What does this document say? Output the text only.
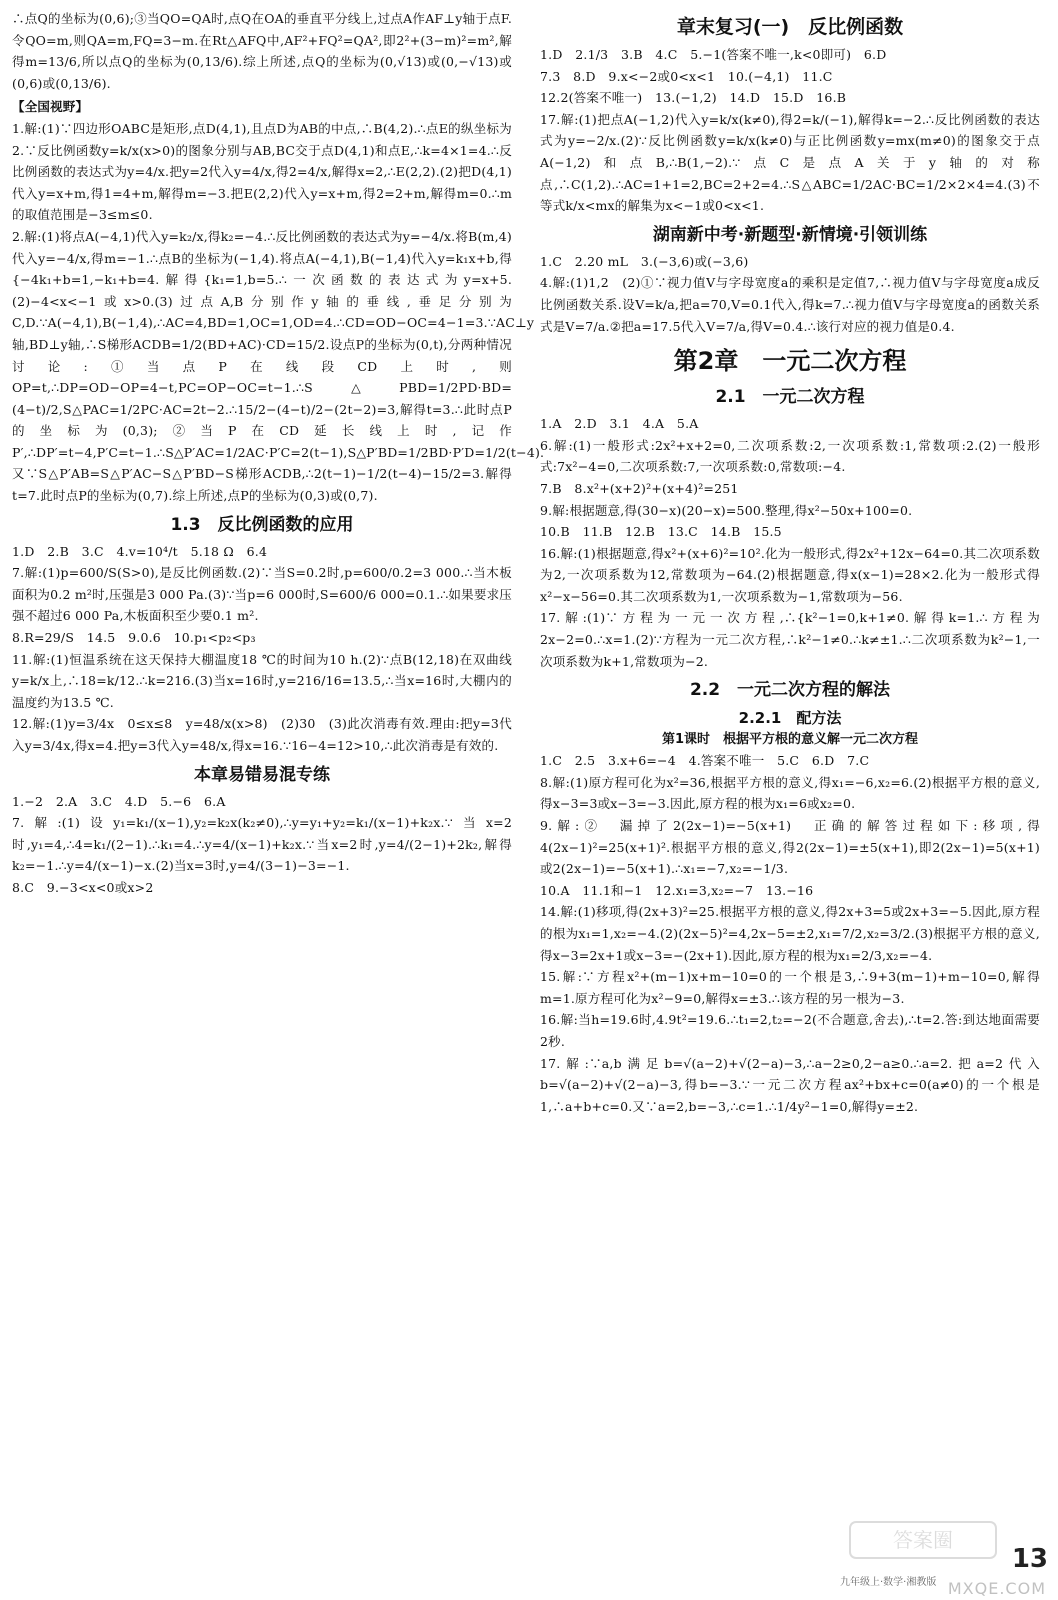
∴点Q的坐标为(0,6);③当QO=QA时,点Q在OA的垂直平分线上,过点A作AF⊥y轴于点F.令QO=m,则QA=m,FQ=3−m.在Rt△AFQ中,AF²+FQ²=QA²,即2²+(3−m)²=m²,解得m=13/6,所以点Q的坐标为(0,13/6).综上所述,点Q的坐标为(0,√13)或(0,−√13)或(0,6)或(0,13/6).
【全国视野】
1.解:(1)∵四边形OABC是矩形,点D(4,1),且点D为AB的中点,∴B(4,2).∴点E的纵坐标为2.∵反比例函数y=k/x(x>0)的图象分别与AB,BC交于点D(4,1)和点E,∴k=4×1=4.∴反比例函数的表达式为y=4/x.把y=2代入y=4/x,得2=4/x,解得x=2,∴E(2,2).(2)把D(4,1)代入y=x+m,得1=4+m,解得m=−3.把E(2,2)代入y=x+m,得2=2+m,解得m=0.∴m的取值范围是−3≤m≤0.
2.解:(1)将点A(−4,1)代入y=k₂/x,得k₂=−4.∴反比例函数的表达式为y=−4/x.将B(m,4)代入y=−4/x,得m=−1.∴点B的坐标为(−1,4).将点A(−4,1),B(−1,4)代入y=k₁x+b,得{−4k₁+b=1,−k₁+b=4.解得{k₁=1,b=5.∴一次函数的表达式为y=x+5.(2)−4<x<−1或x>0.(3)过点A,B分别作y轴的垂线,垂足分别为C,D.∵A(−4,1),B(−1,4),∴AC=4,BD=1,OC=1,OD=4.∴CD=OD−OC=4−1=3.∵AC⊥y轴,BD⊥y轴,∴S梯形ACDB=1/2(BD+AC)·CD=15/2.设点P的坐标为(0,t),分两种情况讨论:①当点P在线段CD上时,则OP=t,∴DP=OD−OP=4−t,PC=OP−OC=t−1.∴S△PBD=1/2PD·BD=(4−t)/2,S△PAC=1/2PC·AC=2t−2.∴15/2−(4−t)/2−(2t−2)=3,解得t=3.∴此时点P的坐标为(0,3);②当P在CD延长线上时,记作P′,∴DP′=t−4,P′C=t−1.∴S△P′AC=1/2AC·P′C=2(t−1),S△P′BD=1/2BD·P′D=1/2(t−4).又∵S△P′AB=S△P′AC−S△P′BD−S梯形ACDB,∴2(t−1)−1/2(t−4)−15/2=3.解得t=7.此时点P的坐标为(0,7).综上所述,点P的坐标为(0,3)或(0,7).
1.3　反比例函数的应用
1.D　2.B　3.C　4.v=10⁴/t　5.18 Ω　6.4
7.解:(1)p=600/S(S>0),是反比例函数.(2)∵当S=0.2时,p=600/0.2=3 000.∴当木板面积为0.2 m²时,压强是3 000 Pa.(3)∵当p=6 000时,S=600/6 000=0.1.∴如果要求压强不超过6 000 Pa,木板面积至少要0.1 m².
8.R=29/S　14.5　9.0.6　10.p₁<p₂<p₃
11.解:(1)恒温系统在这天保持大棚温度18 ℃的时间为10 h.(2)∵点B(12,18)在双曲线y=k/x上,∴18=k/12.∴k=216.(3)当x=16时,y=216/16=13.5,∴当x=16时,大棚内的温度约为13.5 ℃.
12.解:(1)y=3/4x　0≤x≤8　y=48/x(x>8)　(2)30　(3)此次消毒有效.理由:把y=3代入y=3/4x,得x=4.把y=3代入y=48/x,得x=16.∵16−4=12>10,∴此次消毒是有效的.
本章易错易混专练
1.−2　2.A　3.C　4.D　5.−6　6.A
7.解:(1)设y₁=k₁/(x−1),y₂=k₂x(k₂≠0),∴y=y₁+y₂=k₁/(x−1)+k₂x.∵当x=2时,y₁=4,∴4=k₁/(2−1).∴k₁=4.∴y=4/(x−1)+k₂x.∵当x=2时,y=4/(2−1)+2k₂,解得k₂=−1.∴y=4/(x−1)−x.(2)当x=3时,y=4/(3−1)−3=−1.
8.C　9.−3<x<0或x>2
章末复习(一)　反比例函数
1.D　2.1/3　3.B　4.C　5.−1(答案不唯一,k<0即可)　6.D
7.3　8.D　9.x<−2或0<x<1　10.(−4,1)　11.C
12.2(答案不唯一)　13.(−1,2)　14.D　15.D　16.B
17.解:(1)把点A(−1,2)代入y=k/x(k≠0),得2=k/(−1),解得k=−2.∴反比例函数的表达式为y=−2/x.(2)∵反比例函数y=k/x(k≠0)与正比例函数y=mx(m≠0)的图象交于点A(−1,2)和点B,∴B(1,−2).∵点C是点A关于y轴的对称点,∴C(1,2).∴AC=1+1=2,BC=2+2=4.∴S△ABC=1/2AC·BC=1/2×2×4=4.(3)不等式k/x<mx的解集为x<−1或0<x<1.
湖南新中考·新题型·新情境·引领训练
1.C　2.20 mL　3.(−3,6)或(−3,6)
4.解:(1)1,2　(2)①∵视力值V与字母宽度a的乘积是定值7,∴视力值V与字母宽度a成反比例函数关系.设V=k/a,把a=70,V=0.1代入,得k=7.∴视力值V与字母宽度a的函数关系式是V=7/a.②把a=17.5代入V=7/a,得V=0.4.∴该行对应的视力值是0.4.
第2章　一元二次方程
2.1　一元二次方程
1.A　2.D　3.1　4.A　5.A
6.解:(1)一般形式:2x²+x+2=0,二次项系数:2,一次项系数:1,常数项:2.(2)一般形式:7x²−4=0,二次项系数:7,一次项系数:0,常数项:−4.
7.B　8.x²+(x+2)²+(x+4)²=251
9.解:根据题意,得(30−x)(20−x)=500.整理,得x²−50x+100=0.
10.B　11.B　12.B　13.C　14.B　15.5
16.解:(1)根据题意,得x²+(x+6)²=10².化为一般形式,得2x²+12x−64=0.其二次项系数为2,一次项系数为12,常数项为−64.(2)根据题意,得x(x−1)=28×2.化为一般形式得x²−x−56=0.其二次项系数为1,一次项系数为−1,常数项为−56.
17.解:(1)∵方程为一元一次方程,∴{k²−1=0,k+1≠0.解得k=1.∴方程为2x−2=0.∴x=1.(2)∵方程为一元二次方程,∴k²−1≠0.∴k≠±1.∴二次项系数为k²−1,一次项系数为k+1,常数项为−2.
2.2　一元二次方程的解法
2.2.1　配方法
第1课时　根据平方根的意义解一元二次方程
1.C　2.5　3.x+6=−4　4.答案不唯一　5.C　6.D　7.C
8.解:(1)原方程可化为x²=36,根据平方根的意义,得x₁=−6,x₂=6.(2)根据平方根的意义,得x−3=3或x−3=−3.因此,原方程的根为x₁=6或x₂=0.
9.解:②　漏掉了2(2x−1)=−5(x+1)　正确的解答过程如下:移项,得4(2x−1)²=25(x+1)².根据平方根的意义,得2(2x−1)=±5(x+1),即2(2x−1)=5(x+1)或2(2x−1)=−5(x+1).∴x₁=−7,x₂=−1/3.
10.A　11.1和−1　12.x₁=3,x₂=−7　13.−16
14.解:(1)移项,得(2x+3)²=25.根据平方根的意义,得2x+3=5或2x+3=−5.因此,原方程的根为x₁=1,x₂=−4.(2)(2x−5)²=4,2x−5=±2,x₁=7/2,x₂=3/2.(3)根据平方根的意义,得x−3=2x+1或x−3=−(2x+1).因此,原方程的根为x₁=2/3,x₂=−4.
15.解:∵方程x²+(m−1)x+m−10=0的一个根是3,∴9+3(m−1)+m−10=0,解得m=1.原方程可化为x²−9=0,解得x=±3.∴该方程的另一根为−3.
16.解:当h=19.6时,4.9t²=19.6.∴t₁=2,t₂=−2(不合题意,舍去),∴t=2.答:到达地面需要2秒.
17.解:∵a,b满足b=√(a−2)+√(2−a)−3,∴a−2≥0,2−a≥0.∴a=2.把a=2代入b=√(a−2)+√(2−a)−3,得b=−3.∵一元二次方程ax²+bx+c=0(a≠0)的一个根是1,∴a+b+c=0.又∵a=2,b=−3,∴c=1.∴1/4y²−1=0,解得y=±2.
答案圈
九年级上·数学·湘教版 MXQE.COM
13
